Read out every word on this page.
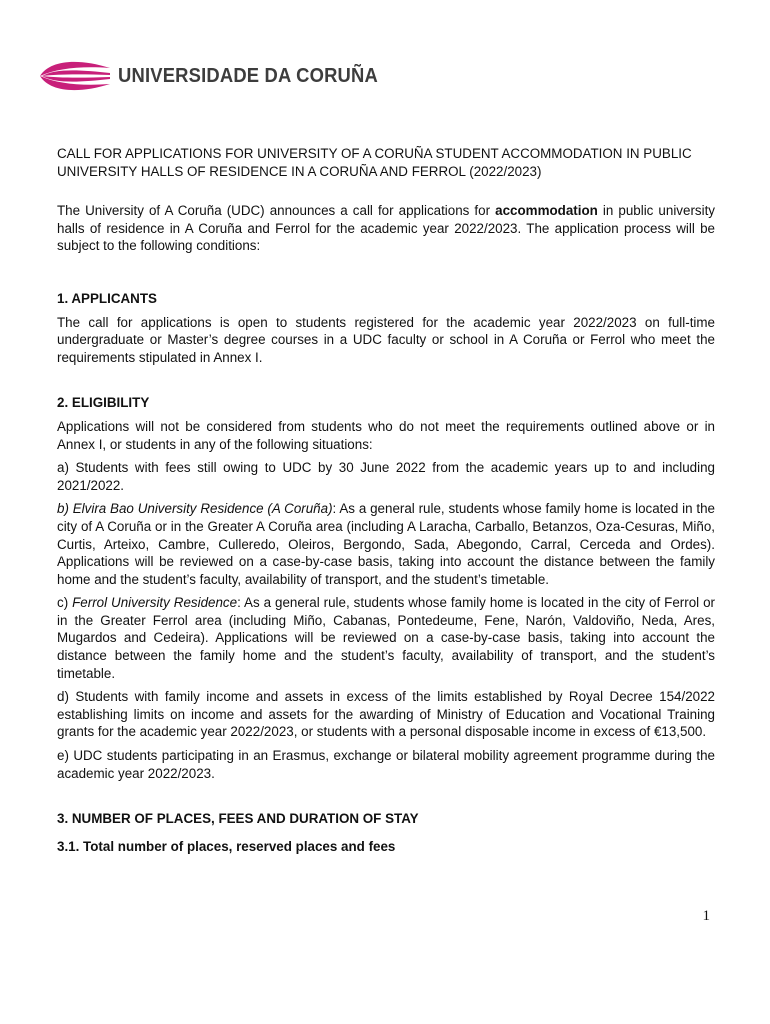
UNIVERSIDADE DA CORUÑA

CALL FOR APPLICATIONS FOR UNIVERSITY OF A CORUÑA STUDENT ACCOMMODATION IN PUBLIC UNIVERSITY HALLS OF RESIDENCE IN A CORUÑA AND FERROL (2022/2023)

The University of A Coruña (UDC) announces a call for applications for accommodation in public university halls of residence in A Coruña and Ferrol for the academic year 2022/2023. The application process will be subject to the following conditions:

1. APPLICANTS

The call for applications is open to students registered for the academic year 2022/2023 on full-time undergraduate or Master’s degree courses in a UDC faculty or school in A Coruña or Ferrol who meet the requirements stipulated in Annex I.

2. ELIGIBILITY

Applications will not be considered from students who do not meet the requirements outlined above or in Annex I, or students in any of the following situations:

a) Students with fees still owing to UDC by 30 June 2022 from the academic years up to and including 2021/2022.

b) Elvira Bao University Residence (A Coruña): As a general rule, students whose family home is located in the city of A Coruña or in the Greater A Coruña area (including A Laracha, Carballo, Betanzos, Oza-Cesuras, Miño, Curtis, Arteixo, Cambre, Culleredo, Oleiros, Bergondo, Sada, Abegondo, Carral, Cerceda and Ordes). Applications will be reviewed on a case-by-case basis, taking into account the distance between the family home and the student’s faculty, availability of transport, and the student’s timetable.

c) Ferrol University Residence: As a general rule, students whose family home is located in the city of Ferrol or in the Greater Ferrol area (including Miño, Cabanas, Pontedeume, Fene, Narón, Valdoviño, Neda, Ares, Mugardos and Cedeira). Applications will be reviewed on a case-by-case basis, taking into account the distance between the family home and the student’s faculty, availability of transport, and the student’s timetable.

d) Students with family income and assets in excess of the limits established by Royal Decree 154/2022 establishing limits on income and assets for the awarding of Ministry of Education and Vocational Training grants for the academic year 2022/2023, or students with a personal disposable income in excess of €13,500.

e) UDC students participating in an Erasmus, exchange or bilateral mobility agreement programme during the academic year 2022/2023.

3. NUMBER OF PLACES, FEES AND DURATION OF STAY
3.1. Total number of places, reserved places and fees
1
